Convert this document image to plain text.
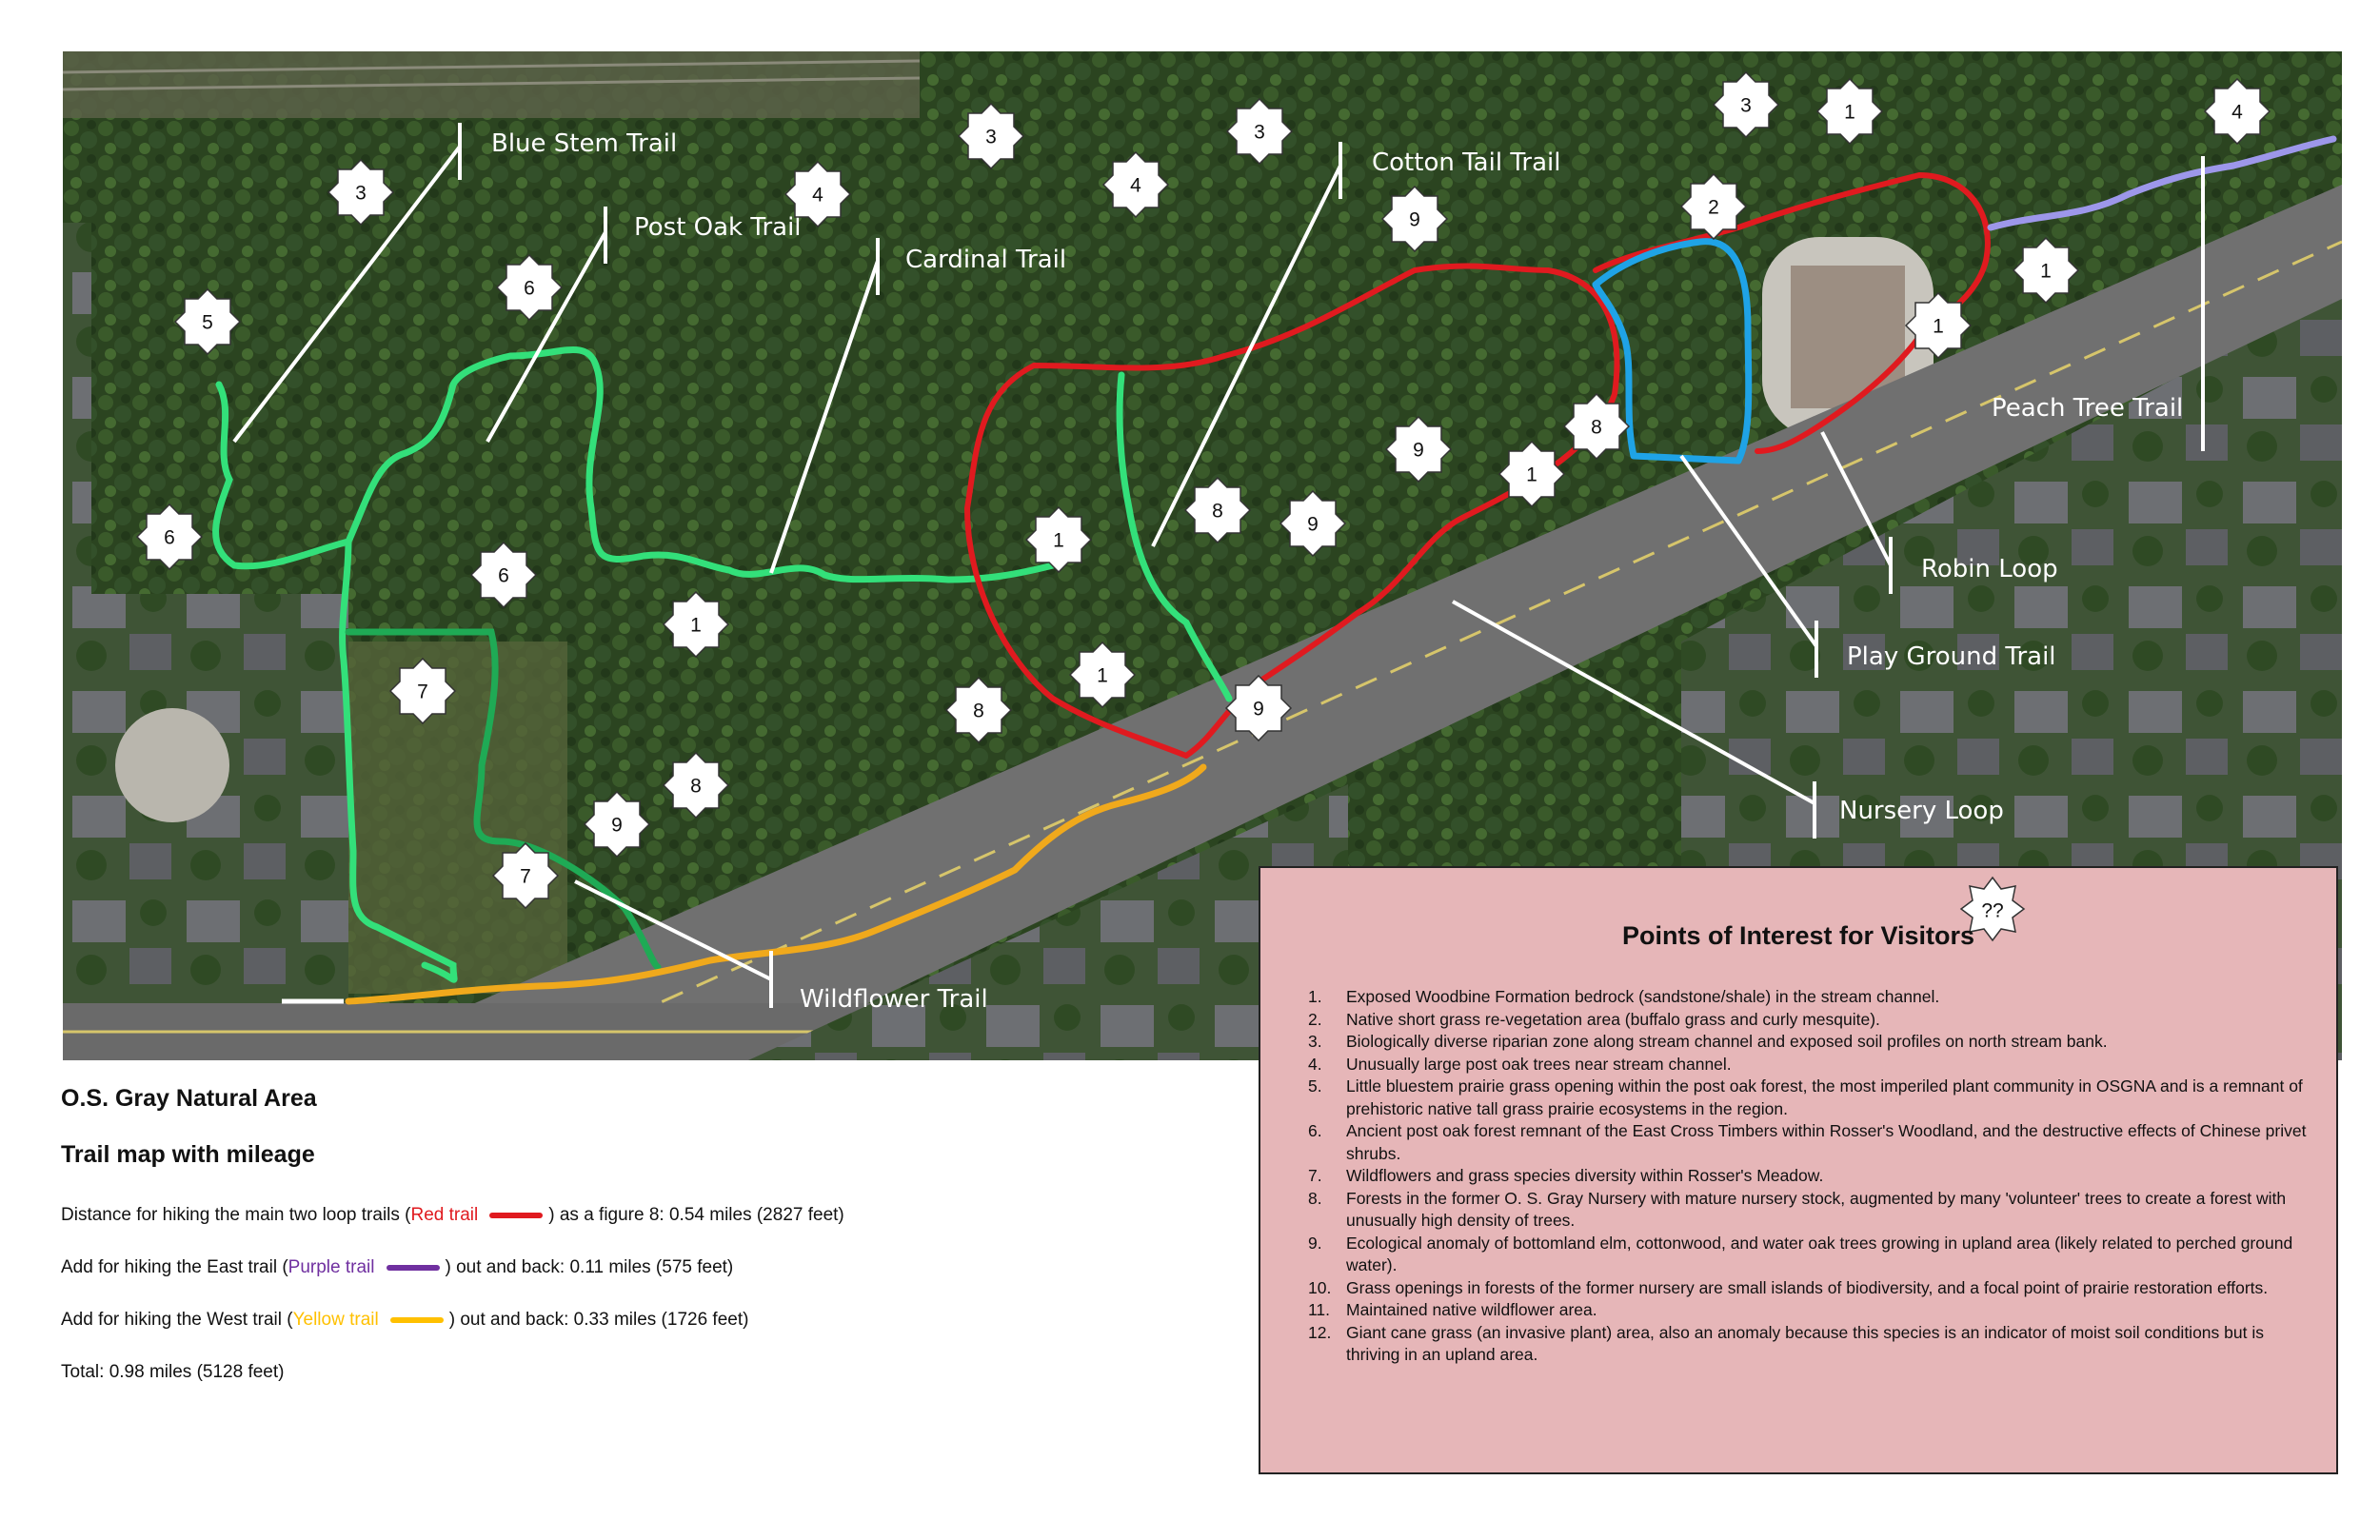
Blue Stem Trail
Post Oak Trail
Cardinal Trail
Cotton Tail Trail
Peach Tree Trail
Robin Loop
Play Ground Trail
Nursery Loop
Wildflower Trail
3
5
6
4
3
4
3
3	1	4
9
2
1
1
6
6
1
7
8
9
7
1
8
1
9
8	9
9
1
8
O.S. Gray Natural Area
Trail map with mileage
Distance for hiking the main two loop trails (Red trail	) as a figure 8: 0.54 miles (2827 feet)
Add for hiking the East trail (Purple trail	) out and back: 0.11 miles (575 feet)
Add for hiking the West trail (Yellow trail	) out and back: 0.33 miles (1726 feet)
Total: 0.98 miles (5128 feet)
??
Points of Interest for Visitors
1. Exposed Woodbine Formation bedrock (sandstone/shale) in the stream channel.
2. Native short grass re-vegetation area (buffalo grass and curly mesquite).
3. Biologically diverse riparian zone along stream channel and exposed soil profiles on north stream bank.
4. Unusually large post oak trees near stream channel.
5. Little bluestem prairie grass opening within the post oak forest, the most imperiled plant community in OSGNA and is a remnant of prehistoric native tall grass prairie ecosystems in the region.
6. Ancient post oak forest remnant of the East Cross Timbers within Rosser's Woodland, and the destructive effects of Chinese privet shrubs.
7. Wildflowers and grass species diversity within Rosser's Meadow.
8. Forests in the former O. S. Gray Nursery with mature nursery stock, augmented by many 'volunteer' trees to create a forest with unusually high density of trees.
9. Ecological anomaly of bottomland elm, cottonwood, and water oak trees growing in upland area (likely related to perched ground water).
10. Grass openings in forests of the former nursery are small islands of biodiversity, and a focal point of prairie restoration efforts.
11. Maintained native wildflower area.
12. Giant cane grass (an invasive plant) area, also an anomaly because this species is an indicator of moist soil conditions but is thriving in an upland area.
